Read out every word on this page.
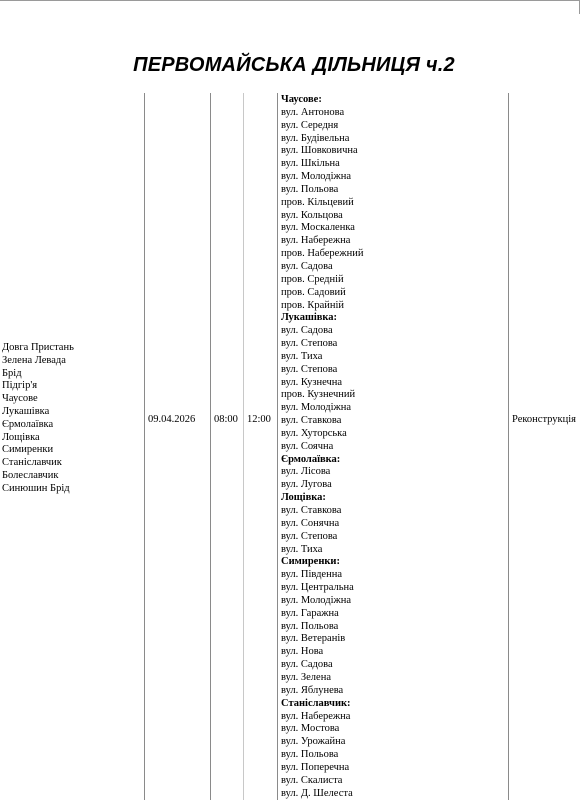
ПЕРВОМАЙСЬКА ДІЛЬНИЦЯ ч.2
Довга Пристань
Зелена Левада
Брід
Підгір'я
Чаусове
Лукашівка
Єрмолаївка
Лощівка
Симиренки
Станіславчик
Болеславчик
Синюшин Брід
09.04.2026 08:00 12:00	Реконструкція
Чаусове:
вул. Антонова
вул. Середня
вул. Будівельна
вул. Шовковична
вул. Шкільна
вул. Молодіжна
вул. Польова
пров. Кільцевий
вул. Кольцова
вул. Москаленка
вул. Набережна
пров. Набережний
вул. Садова
пров. Средній
пров. Садовий
пров. Крайній
Лукашівка:
вул. Садова
вул. Степова
вул. Тиха
вул. Степова
вул. Кузнечна
пров. Кузнечний
вул. Молодіжна
вул. Ставкова
вул. Хуторська
вул. Соячна
Єрмолаївка:
вул. Лісова
вул. Лугова
Лощівка:
вул. Ставкова
вул. Сонячна
вул. Степова
вул. Тиха
Симиренки:
вул. Південна
вул. Центральна
вул. Молодіжна
вул. Гаражна
вул. Польова
вул. Ветеранів
вул. Нова
вул. Садова
вул. Зелена
вул. Яблунева
Станіславчик:
вул. Набережна
вул. Мостова
вул. Урожайна
вул. Польова
вул. Поперечна
вул. Скалиста
вул. Д. Шелеста
